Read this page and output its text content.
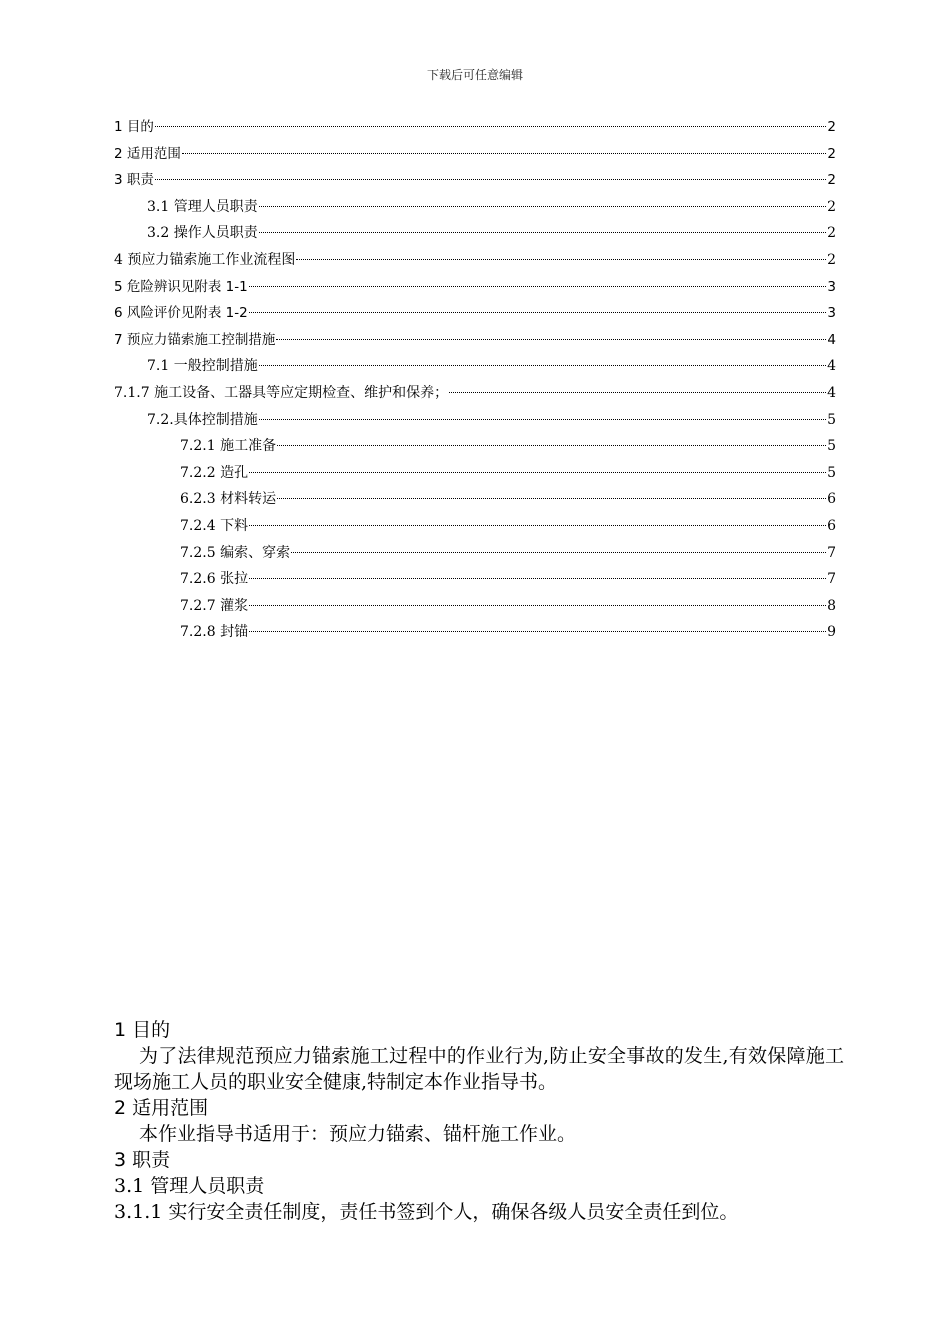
下载后可任意编辑
1 目的	2
2 适用范围	2
3 职责	2
3.1 管理人员职责	2
3.2 操作人员职责	2
4 预应力锚索施工作业流程图	2
5 危险辨识见附表 1-1	3
6 风险评价见附表 1-2	3
7 预应力锚索施工控制措施	4
7.1 一般控制措施	4
7.1.7 施工设备、工器具等应定期检查、维护和保养；	4
7.2.具体控制措施	5
7.2.1 施工准备	5
7.2.2 造孔	5
6.2.3 材料转运	6
7.2.4 下料	6
7.2.5 编索、穿索	7
7.2.6 张拉	7
7.2.7 灌浆	8
7.2.8 封锚	9
1 目的
为了法律规范预应力锚索施工过程中的作业行为,防止安全事故的发生,有效保障施工现场施工人员的职业安全健康,特制定本作业指导书。
2 适用范围
本作业指导书适用于：预应力锚索、锚杆施工作业。
3 职责
3.1 管理人员职责
3.1.1 实行安全责任制度，责任书签到个人，确保各级人员安全责任到位。
